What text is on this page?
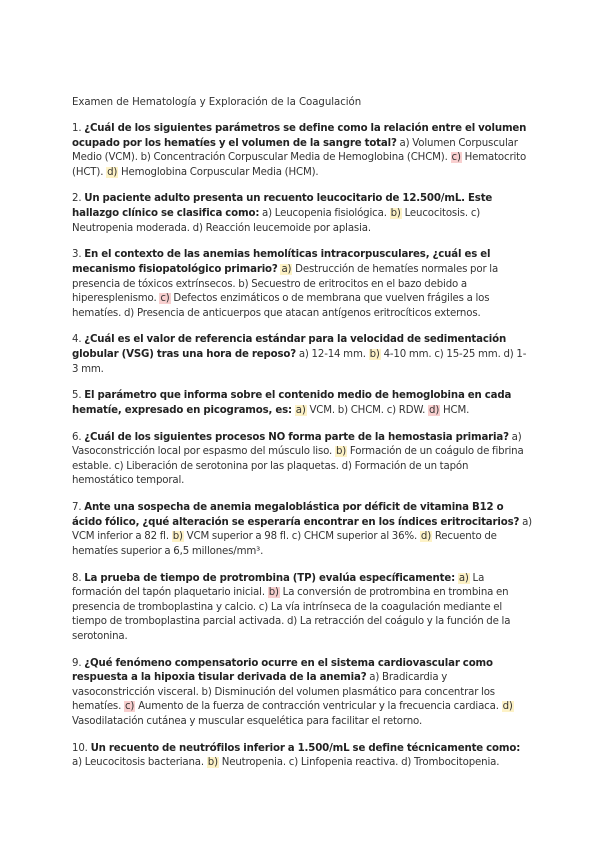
Examen de Hematología y Exploración de la Coagulación

1. ¿Cuál de los siguientes parámetros se define como la relación entre el volumen ocupado por los hematíes y el volumen de la sangre total? a) Volumen Corpuscular Medio (VCM). b) Concentración Corpuscular Media de Hemoglobina (CHCM). c) Hematocrito (HCT). d) Hemoglobina Corpuscular Media (HCM).

2. Un paciente adulto presenta un recuento leucocitario de 12.500/mL. Este hallazgo clínico se clasifica como: a) Leucopenia fisiológica. b) Leucocitosis. c) Neutropenia moderada. d) Reacción leucemoide por aplasia.

3. En el contexto de las anemias hemolíticas intracorpusculares, ¿cuál es el mecanismo fisiopatológico primario? a) Destrucción de hematíes normales por la presencia de tóxicos extrínsecos. b) Secuestro de eritrocitos en el bazo debido a hiperesplenismo. c) Defectos enzimáticos o de membrana que vuelven frágiles a los hematíes. d) Presencia de anticuerpos que atacan antígenos eritrocíticos externos.

4. ¿Cuál es el valor de referencia estándar para la velocidad de sedimentación globular (VSG) tras una hora de reposo? a) 12-14 mm. b) 4-10 mm. c) 15-25 mm. d) 1-3 mm.

5. El parámetro que informa sobre el contenido medio de hemoglobina en cada hematíe, expresado en picogramos, es: a) VCM. b) CHCM. c) RDW. d) HCM.

6. ¿Cuál de los siguientes procesos NO forma parte de la hemostasia primaria? a) Vasoconstricción local por espasmo del músculo liso. b) Formación de un coágulo de fibrina estable. c) Liberación de serotonina por las plaquetas. d) Formación de un tapón hemostático temporal.

7. Ante una sospecha de anemia megaloblástica por déficit de vitamina B12 o ácido fólico, ¿qué alteración se esperaría encontrar en los índices eritrocitarios? a) VCM inferior a 82 fl. b) VCM superior a 98 fl. c) CHCM superior al 36%. d) Recuento de hematíes superior a 6,5 millones/mm³.

8. La prueba de tiempo de protrombina (TP) evalúa específicamente: a) La formación del tapón plaquetario inicial. b) La conversión de protrombina en trombina en presencia de tromboplastina y calcio. c) La vía intrínseca de la coagulación mediante el tiempo de tromboplastina parcial activada. d) La retracción del coágulo y la función de la serotonina.

9. ¿Qué fenómeno compensatorio ocurre en el sistema cardiovascular como respuesta a la hipoxia tisular derivada de la anemia? a) Bradicardia y vasoconstricción visceral. b) Disminución del volumen plasmático para concentrar los hematíes. c) Aumento de la fuerza de contracción ventricular y la frecuencia cardiaca. d) Vasodilatación cutánea y muscular esquelética para facilitar el retorno.

10. Un recuento de neutrófilos inferior a 1.500/mL se define técnicamente como: a) Leucocitosis bacteriana. b) Neutropenia. c) Linfopenia reactiva. d) Trombocitopenia.
